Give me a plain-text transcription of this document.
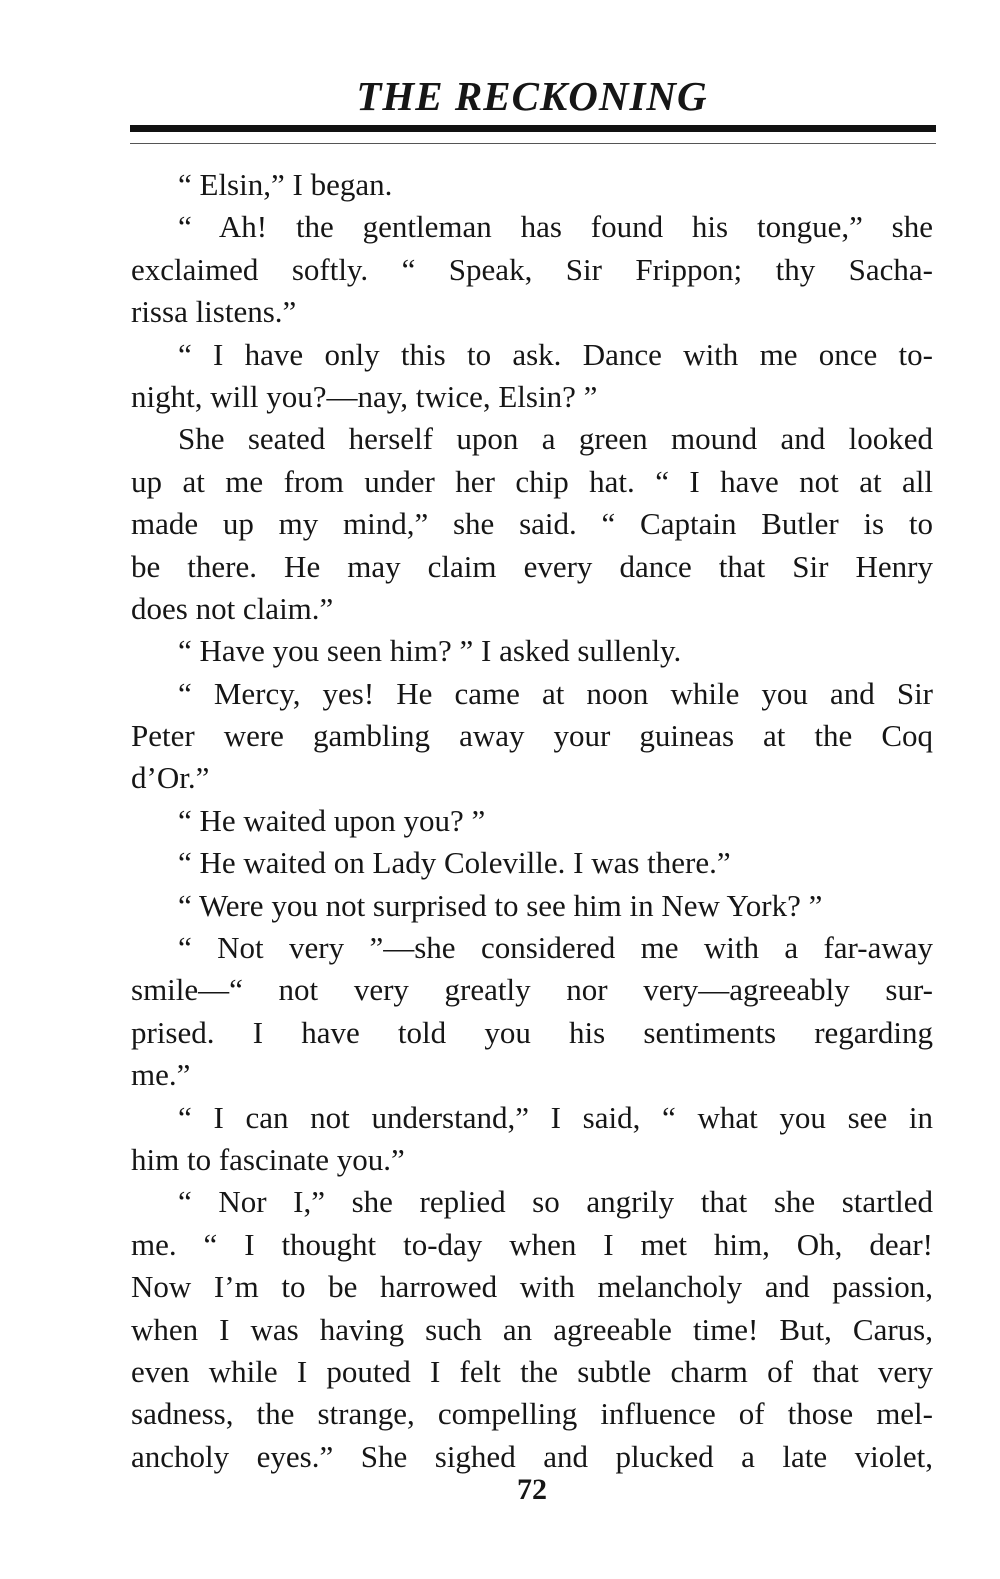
THE RECKONING
“ Elsin,” I began.
“ Ah! the gentleman has found his tongue,” she
exclaimed softly. “ Speak, Sir Frippon; thy Sacha-
rissa listens.”
“ I have only this to ask. Dance with me once to-
night, will you?—nay, twice, Elsin? ”
She seated herself upon a green mound and looked
up at me from under her chip hat. “ I have not at all
made up my mind,” she said. “ Captain Butler is to
be there. He may claim every dance that Sir Henry
does not claim.”
“ Have you seen him? ” I asked sullenly.
“ Mercy, yes! He came at noon while you and Sir
Peter were gambling away your guineas at the Coq
d’Or.”
“ He waited upon you? ”
“ He waited on Lady Coleville. I was there.”
“ Were you not surprised to see him in New York? ”
“ Not very ”—she considered me with a far-away
smile—“ not very greatly nor very—agreeably sur-
prised. I have told you his sentiments regarding
me.”
“ I can not understand,” I said, “ what you see in
him to fascinate you.”
“ Nor I,” she replied so angrily that she startled
me. “ I thought to-day when I met him, Oh, dear!
Now I’m to be harrowed with melancholy and passion,
when I was having such an agreeable time! But, Carus,
even while I pouted I felt the subtle charm of that very
sadness, the strange, compelling influence of those mel-
ancholy eyes.” She sighed and plucked a late violet,
72
